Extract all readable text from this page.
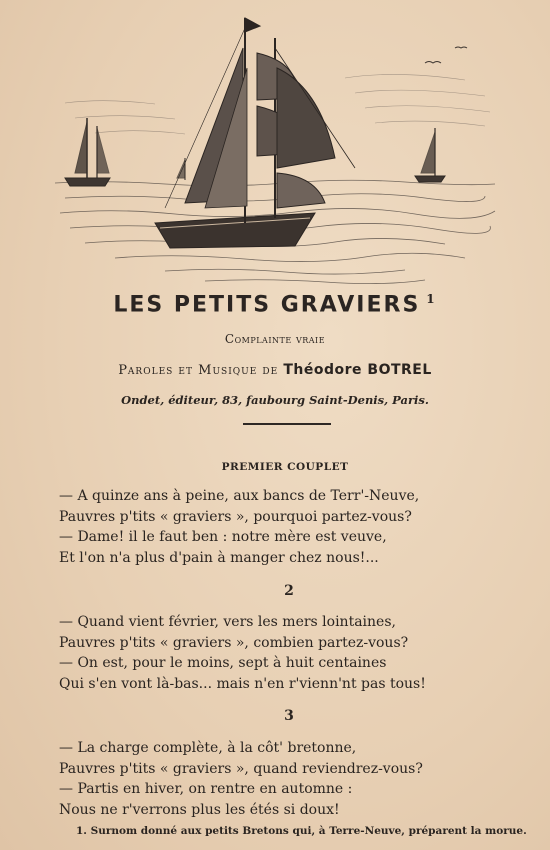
LES PETITS GRAVIERS $^1$
Complainte vraie
Paroles et Musique de Théodore BOTREL
Ondet, éditeur, 83, faubourg Saint-Denis, Paris.
PREMIER COUPLET
— A quinze ans à peine, aux bancs de Terr'-Neuve,
Pauvres p'tits « graviers », pourquoi partez-vous?
— Dame! il le faut ben : notre mère est veuve,
Et l'on n'a plus d'pain à manger chez nous!...
2
— Quand vient février, vers les mers lointaines,
Pauvres p'tits « graviers », combien partez-vous?
— On est, pour le moins, sept à huit centaines
Qui s'en vont là-bas... mais n'en r'vienn'nt pas tous!
3
— La charge complète, à la côt' bretonne,
Pauvres p'tits « graviers », quand reviendrez-vous?
— Partis en hiver, on rentre en automne :
Nous ne r'verrons plus les étés si doux!
1. Surnom donné aux petits Bretons qui, à Terre-Neuve, préparent la morue.
